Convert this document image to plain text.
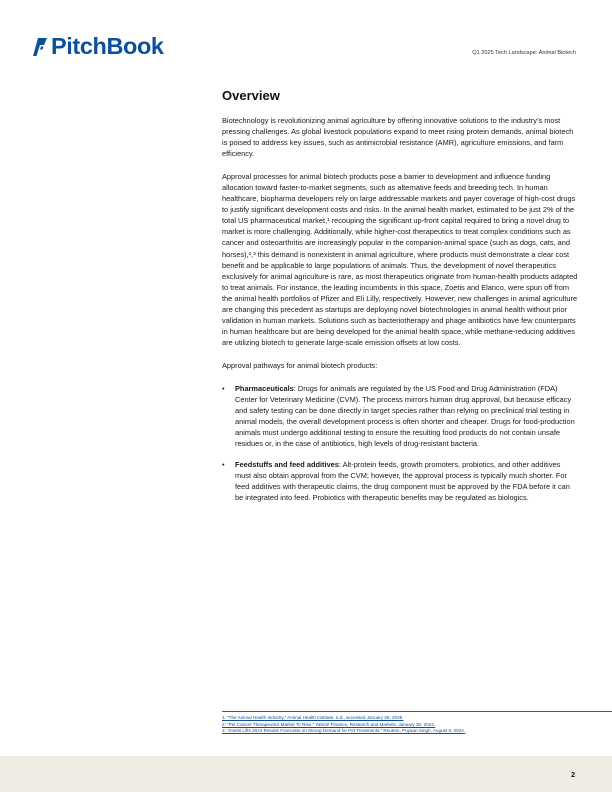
PitchBook	Q1 2025 Tech Landscape: Animal Biotech
Overview

Biotechnology is revolutionizing animal agriculture by offering innovative solutions to the industry’s most pressing challenges. As global livestock populations expand to meet rising protein demands, animal biotech is poised to address key issues, such as antimicrobial resistance (AMR), agriculture emissions, and farm efficiency.

Approval processes for animal biotech products pose a barrier to development and influence funding allocation toward faster-to-market segments, such as alternative feeds and breeding tech. In human healthcare, biopharma developers rely on large addressable markets and payer coverage of high-cost drugs to justify significant development costs and risks. In the animal health market, estimated to be just 2% of the total US pharmaceutical market,¹ recouping the significant up-front capital required to bring a novel drug to market is more challenging. Additionally, while higher-cost therapeutics to treat complex conditions such as cancer and osteoarthritis are increasingly popular in the companion-animal space (such as dogs, cats, and horses),²,³ this demand is nonexistent in animal agriculture, where products must demonstrate a clear cost benefit and be applicable to large populations of animals. Thus, the development of novel therapeutics exclusively for animal agriculture is rare, as most therapeutics originate from human-health products adapted to treat animals. For instance, the leading incumbents in this space, Zoetis and Elanco, were spun off from the animal health portfolios of Pfizer and Eli Lilly, respectively. However, new challenges in animal agriculture are changing this precedent as startups are deploying novel biotechnologies in animal health without prior validation in human markets. Solutions such as bacteriotherapy and phage antibiotics have few counterparts in human healthcare but are being developed for the animal health space, while methane-reducing additives are utilizing biotech to generate large-scale emission offsets at low costs.

Approval pathways for animal biotech products:

• Pharmaceuticals: Drugs for animals are regulated by the US Food and Drug Administration (FDA) Center for Veterinary Medicine (CVM). The process mirrors human drug approval, but because efficacy and safety testing can be done directly in target species rather than relying on preclinical trial testing in animal models, the overall development process is often shorter and cheaper. Drugs for food-production animals must undergo additional testing to ensure the resulting food products do not contain unsafe residues or, in the case of antibiotics, high levels of drug-resistant bacteria.
• Feedstuffs and feed additives: Alt-protein feeds, growth promoters, probiotics, and other additives must also obtain approval from the CVM; however, the approval process is typically much shorter. For feed additives with therapeutic claims, the drug component must be approved by the FDA before it can be integrated into feed. Probiotics with therapeutic benefits may be regulated as biologics.
1: “The Animal Health Industry,” Animal Health Institute, n.d., accessed January 28, 2025.
2: “Pet Cancer Therapeutics Market To Rise,” Yahoo! Finance, Research and Markets, January 30, 2024.
3: “Zoetis Lifts 2024 Results Forecasts on Strong Demand for Pet Treatments,” Reuters, Puyaan Singh, August 6, 2024.
2
